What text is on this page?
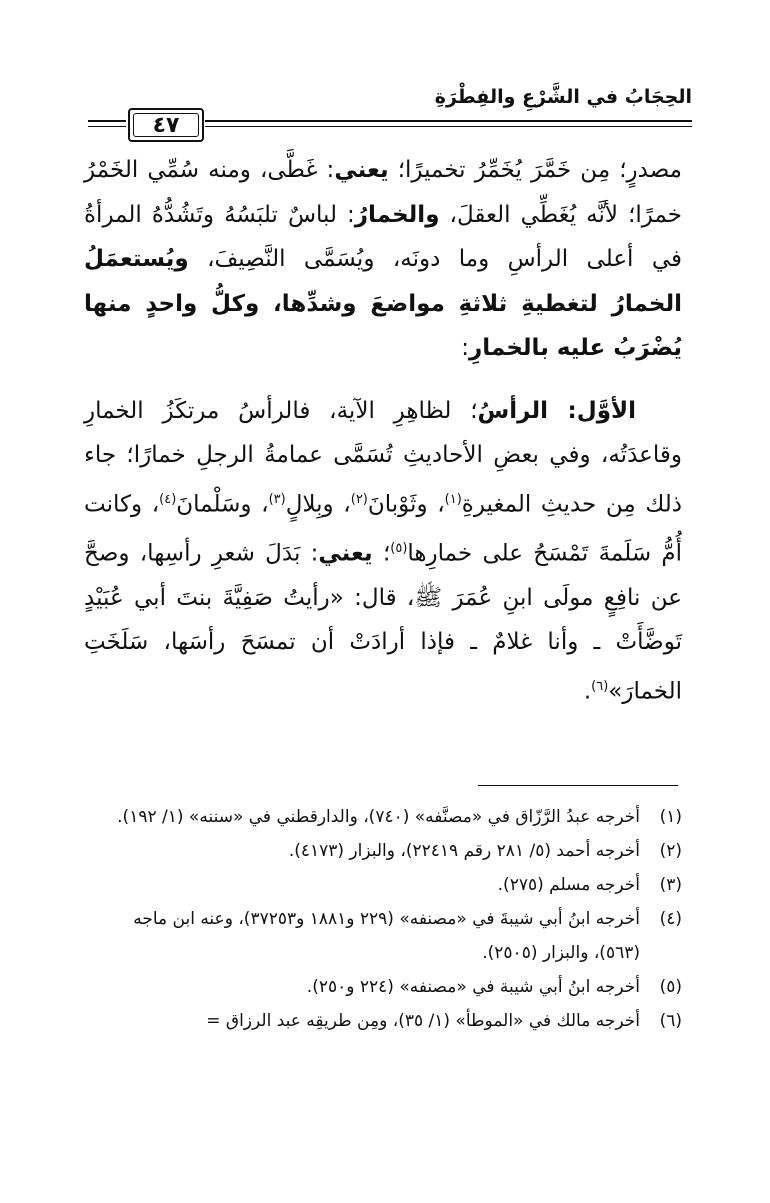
الحِجَابُ في الشَّرْعِ والفِطْرَةِ
٤٧

مصدرٍ؛ مِن خَمَّرَ يُخَمِّرُ تخميرًا؛ يعني: غَطَّى، ومنه سُمِّي الخَمْرُ خمرًا؛ لأنَّه يُغَطِّي العقلَ، والخمارُ: لباسٌ تلبَسُهُ وتَشُدُّهُ المرأةُ في أعلى الرأسِ وما دونَه، ويُسَمَّى النَّصِيفَ، ويُستعمَلُ الخمارُ لتغطيةِ ثلاثةِ مواضعَ وشدِّها، وكلُّ واحدٍ منها يُضْرَبُ عليه بالخمارِ:

  الأوَّل: الرأسُ؛ لظاهِرِ الآية، فالرأسُ مرتكَزُ الخمارِ وقاعدَتُه، وفي بعضِ الأحاديثِ تُسَمَّى عمامةُ الرجلِ خمارًا؛ جاء ذلك مِن حديثِ المغيرةِ$^{(١)}$، وثَوْبانَ$^{(٢)}$، وبِلالٍ$^{(٣)}$، وسَلْمانَ$^{(٤)}$، وكانت أُمُّ سَلَمةَ تَمْسَحُ على خمارِها$^{(٥)}$؛ يعني: بَدَلَ شعرِ رأسِها، وصحَّ عن نافِعٍ مولَى ابنِ عُمَرَ ﷺ، قال: «رأيتُ صَفِيَّةَ بنتَ أبي عُبَيْدٍ تَوضَّأَتْ ـ وأنا غلامٌ ـ فإذا أرادَتْ أن تمسَحَ رأسَها، سَلَخَتِ الخمارَ»$^{(٦)}$.

(١)
أخرجه عبدُ الرَّزّاق في «مصنَّفه» (٧٤٠)، والدارقطني في «سننه» (١/ ١٩٢).
(٢)
أخرجه أحمد (٥/ ٢٨١ رقم ٢٢٤١٩)، والبزار (٤١٧٣).
(٣)
أخرجه مسلم (٢٧٥).
(٤)
أخرجه ابنُ أبي شيبةَ في «مصنفه» (٢٢٩ و١٨٨١ و٣٧٢٥٣)، وعنه ابن ماجه (٥٦٣)، والبزار (٢٥٠٥).
(٥)
أخرجه ابنُ أبي شيبة في «مصنفه» (٢٢٤ و٢٥٠).
(٦)
أخرجه مالك في «الموطأ» (١/ ٣٥)، ومِن طريقِه عبد الرزاق =
